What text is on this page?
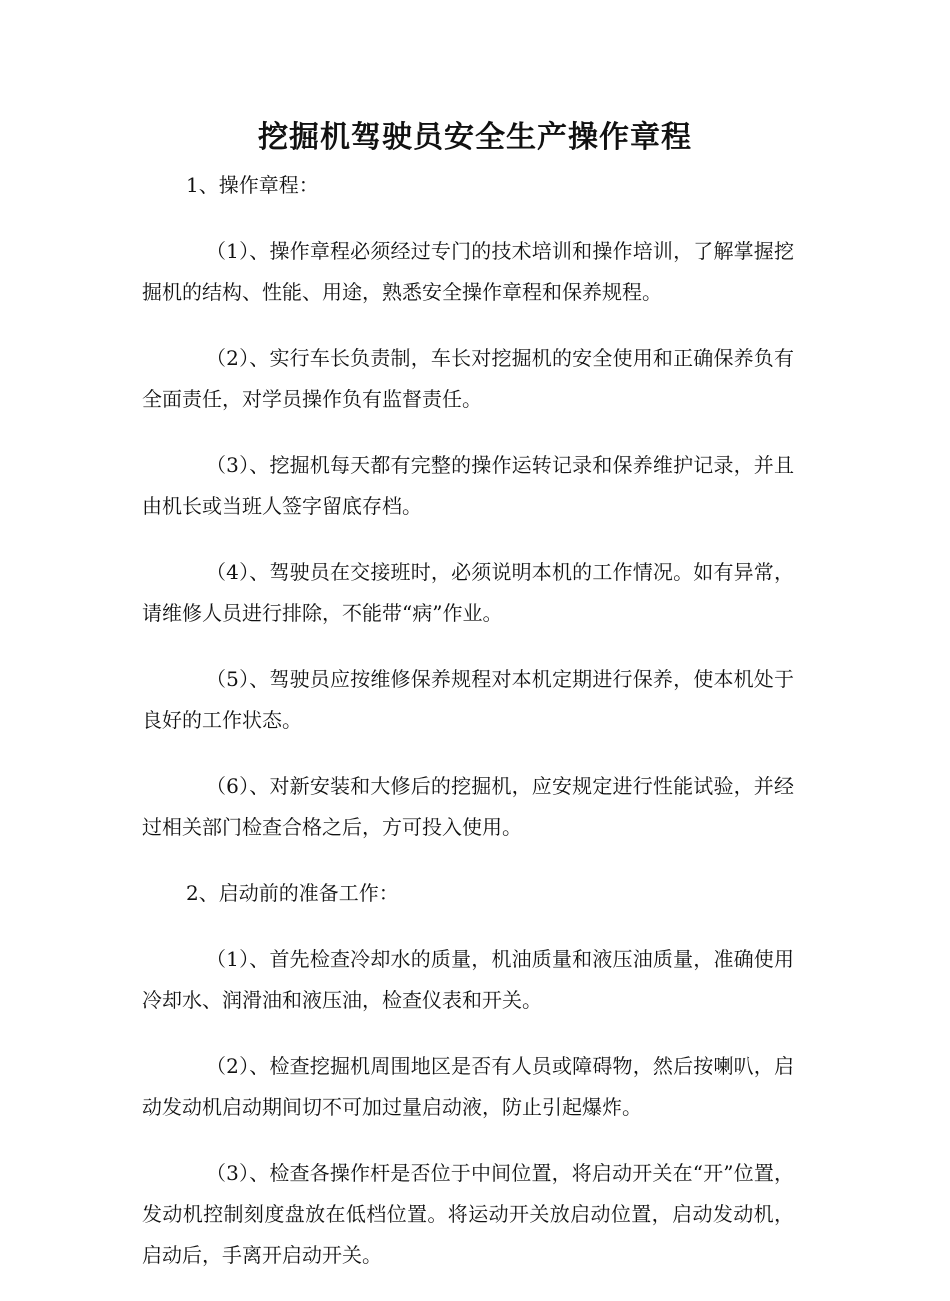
挖掘机驾驶员安全生产操作章程

1、操作章程：

（1）、操作章程必须经过专门的技术培训和操作培训，了解掌握挖掘机的结构、性能、用途，熟悉安全操作章程和保养规程。

（2）、实行车长负责制，车长对挖掘机的安全使用和正确保养负有全面责任，对学员操作负有监督责任。

（3）、挖掘机每天都有完整的操作运转记录和保养维护记录，并且由机长或当班人签字留底存档。

（4）、驾驶员在交接班时，必须说明本机的工作情况。如有异常，请维修人员进行排除，不能带“病”作业。

（5）、驾驶员应按维修保养规程对本机定期进行保养，使本机处于良好的工作状态。

（6）、对新安装和大修后的挖掘机，应安规定进行性能试验，并经过相关部门检查合格之后，方可投入使用。

2、启动前的准备工作：

（1）、首先检查冷却水的质量，机油质量和液压油质量，准确使用冷却水、润滑油和液压油，检查仪表和开关。

（2）、检查挖掘机周围地区是否有人员或障碍物，然后按喇叭，启动发动机启动期间切不可加过量启动液，防止引起爆炸。

（3）、检查各操作杆是否位于中间位置，将启动开关在“开”位置，发动机控制刻度盘放在低档位置。将运动开关放启动位置，启动发动机，启动后，手离开启动开关。
